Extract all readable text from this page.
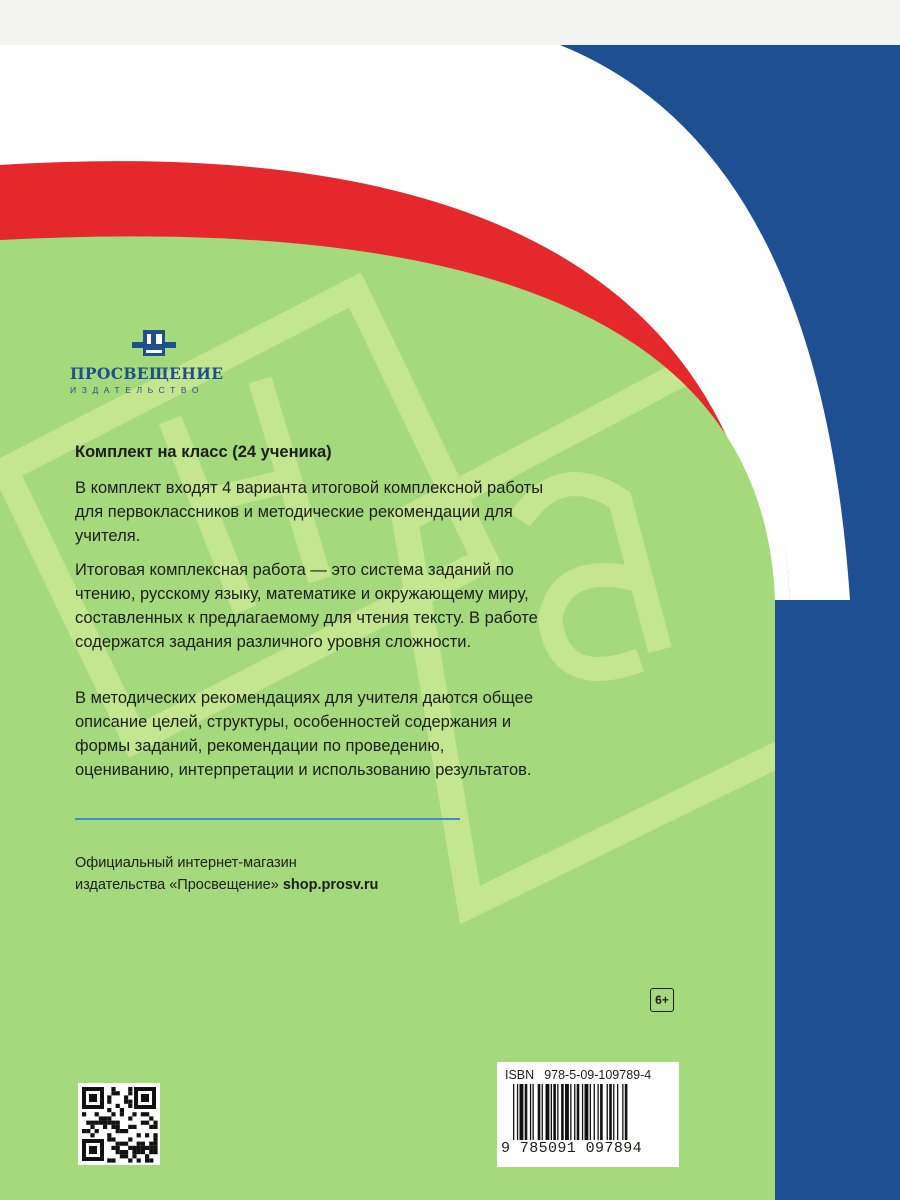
ГОС
ПРОСВЕЩЕНИЕ
ИЗДАТЕЛЬСТВО
Комплект на класс (24 ученика)
В комплект входят 4 варианта итоговой комплексной работы для первоклассников и методические рекомендации для учителя.
Итоговая комплексная работа — это система заданий по чтению, русскому языку, математике и окружающему миру, составленных к предлагаемому для чтения тексту. В работе содержатся задания различного уровня сложности.
В методических рекомендациях для учителя даются общее описание целей, структуры, особенностей содержания и формы заданий, рекомендации по проведению, оцениванию, интерпретации и использованию результатов.
Официальный интернет-магазин
издательства «Просвещение» shop.prosv.ru
6+
ISBN 978-5-09-109789-4
9 785091 097894
